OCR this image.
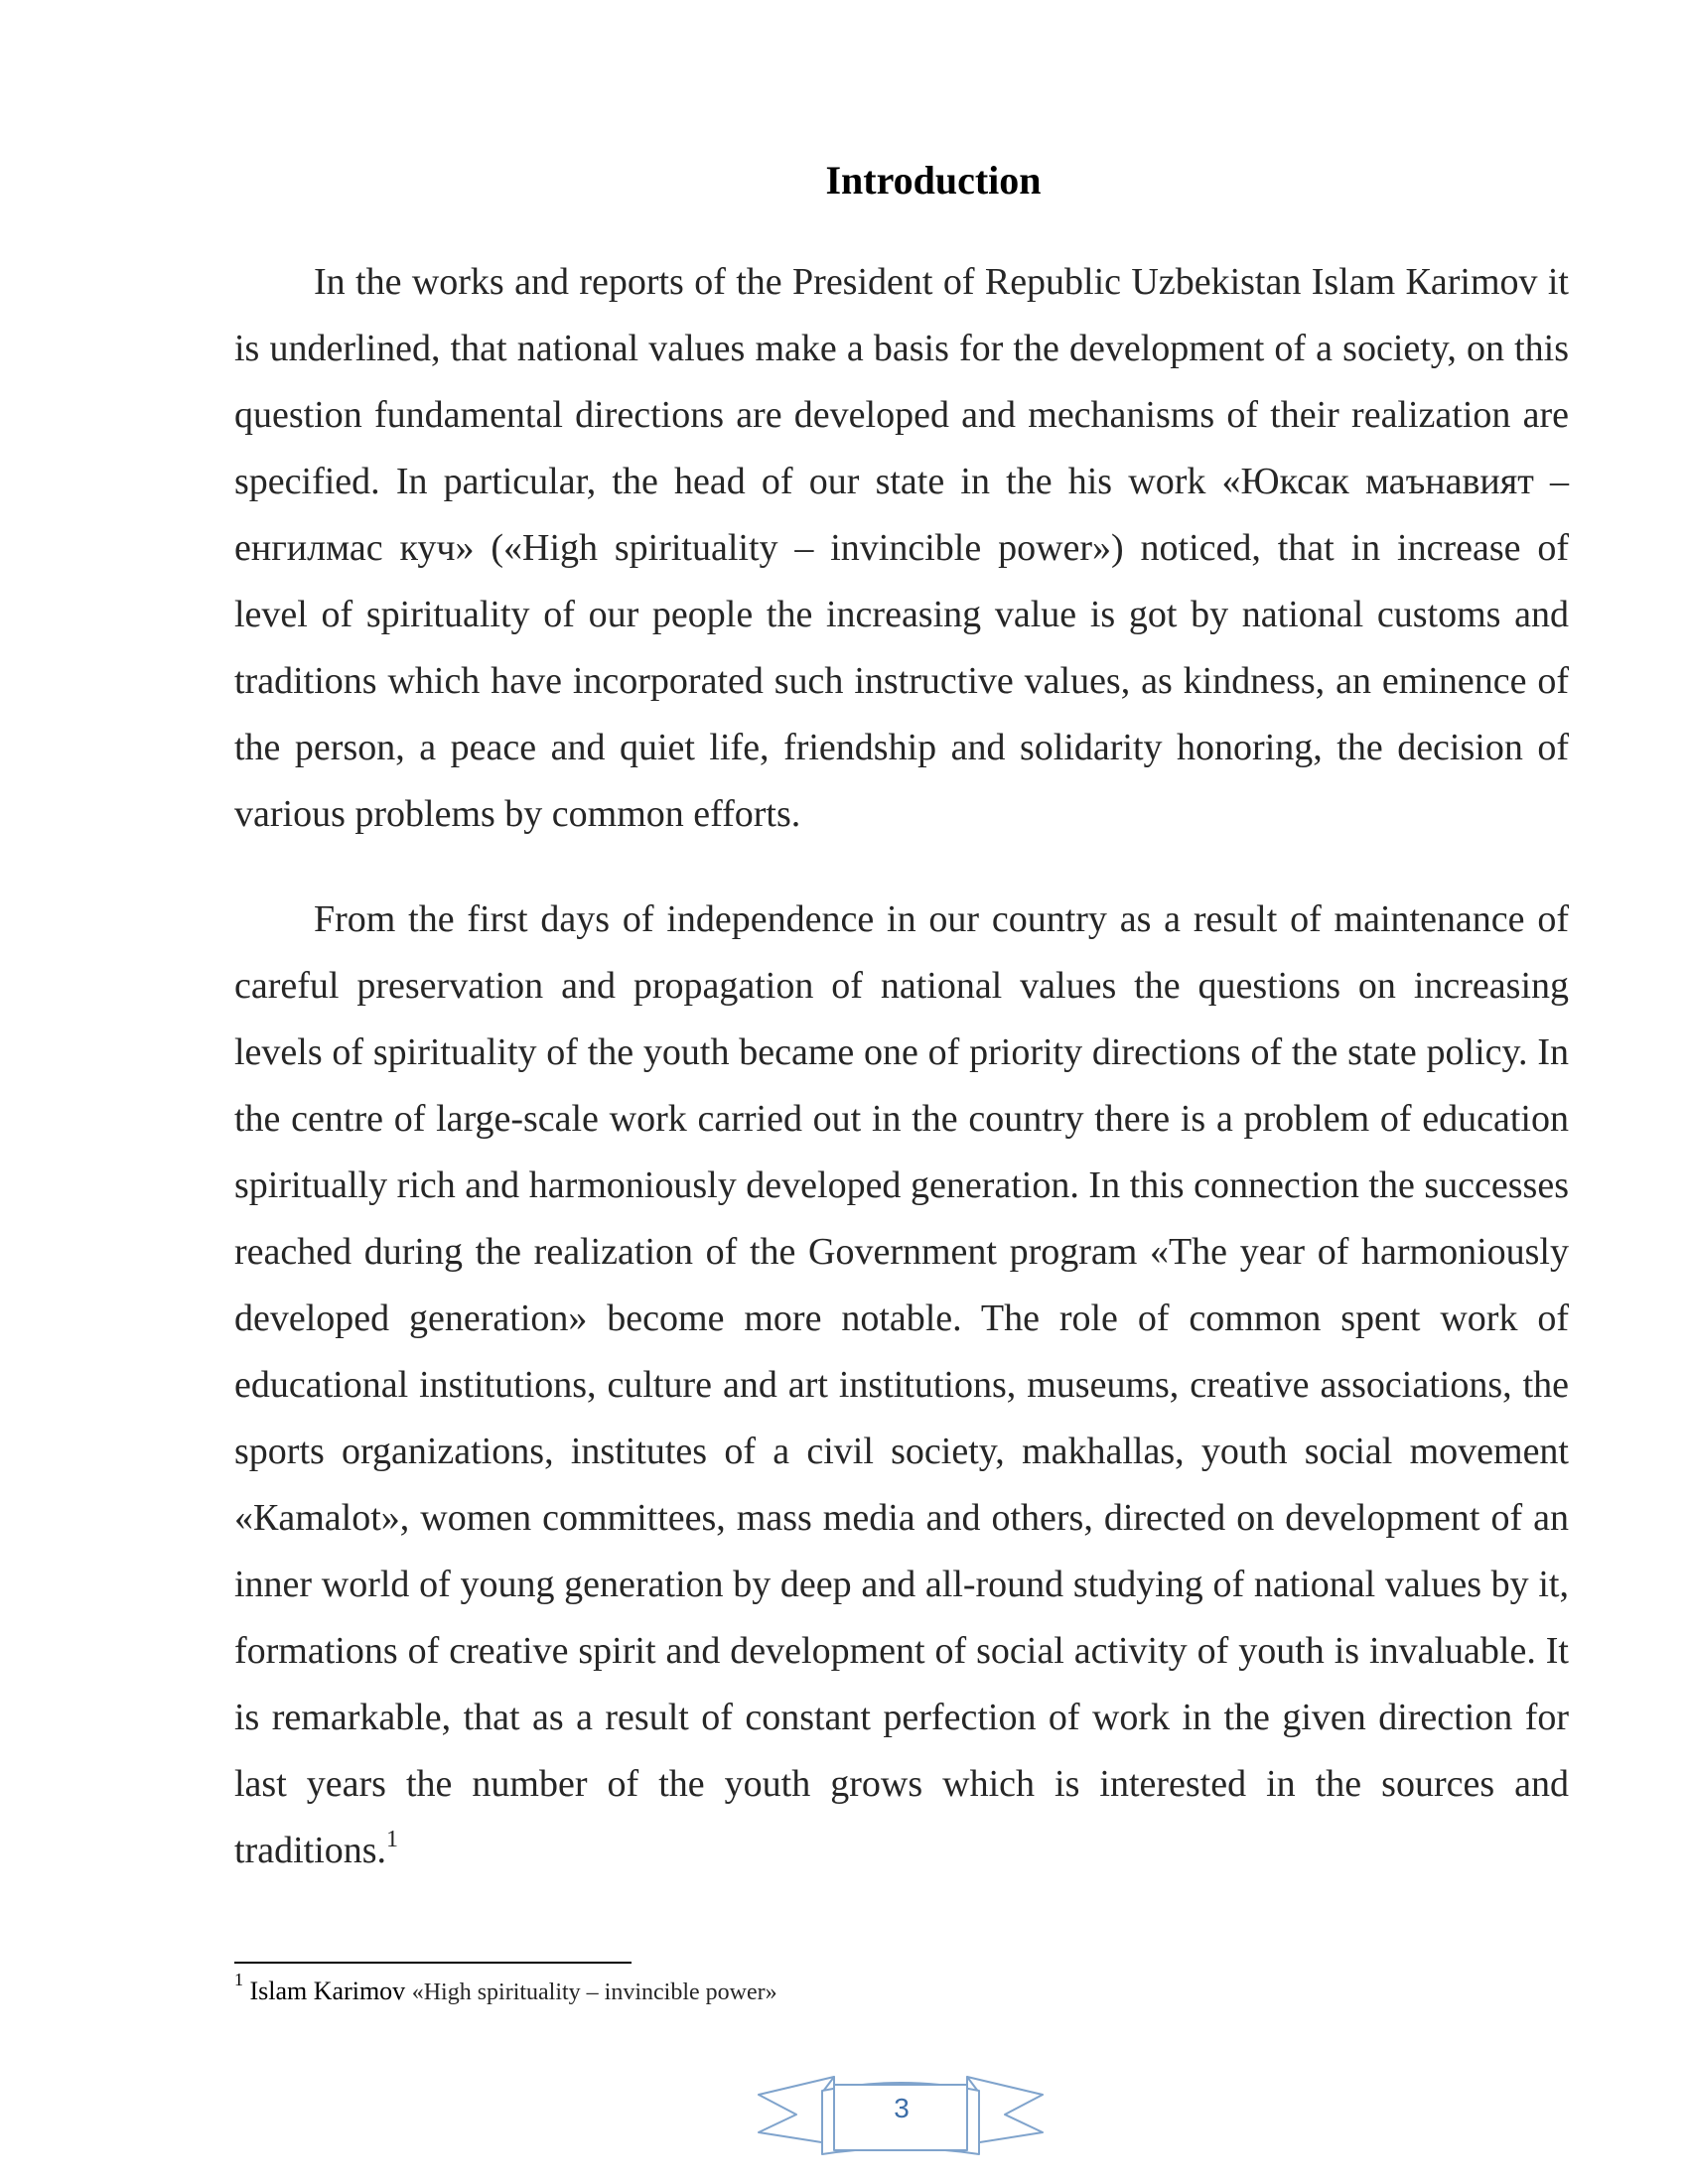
Introduction

In the works and reports of the President of Republic Uzbekistan Islam Кarimov it is underlined, that national values make a basis for the development of a society, on this question fundamental directions are developed and mechanisms of their realization are specified. In particular, the head of our state in the his work «Юксак маънавият – енгилмас куч» («High spirituality – invincible power») noticed, that in increase of level of spirituality of our people the increasing value is got by national customs and traditions which have incorporated such instructive values, as kindness, an eminence of the person, a peace and quiet life, friendship and solidarity honoring, the decision of various problems by common efforts.

From the first days of independence in our country as a result of maintenance of careful preservation and propagation of national values the questions on increasing levels of spirituality of the youth became one of priority directions of the state policy. In the centre of large-scale work carried out in the country there is a problem of education spiritually rich and harmoniously developed generation. In this connection the successes reached during the realization of the Government program «The year of harmoniously developed generation» become more notable. The role of common spent work of educational institutions, culture and art institutions, museums, creative associations, the sports organizations, institutes of a civil society, makhallas, youth social movement «Кamalot», women committees, mass media and others, directed on development of an inner world of young generation by deep and all-round studying of national values by it, formations of creative spirit and development of social activity of youth is invaluable. It is remarkable, that as a result of constant perfection of work in the given direction for last years the number of the youth grows which is interested in the sources and traditions.$^1$

$^1$ Islam Karimov «High spirituality – invincible power»
3
